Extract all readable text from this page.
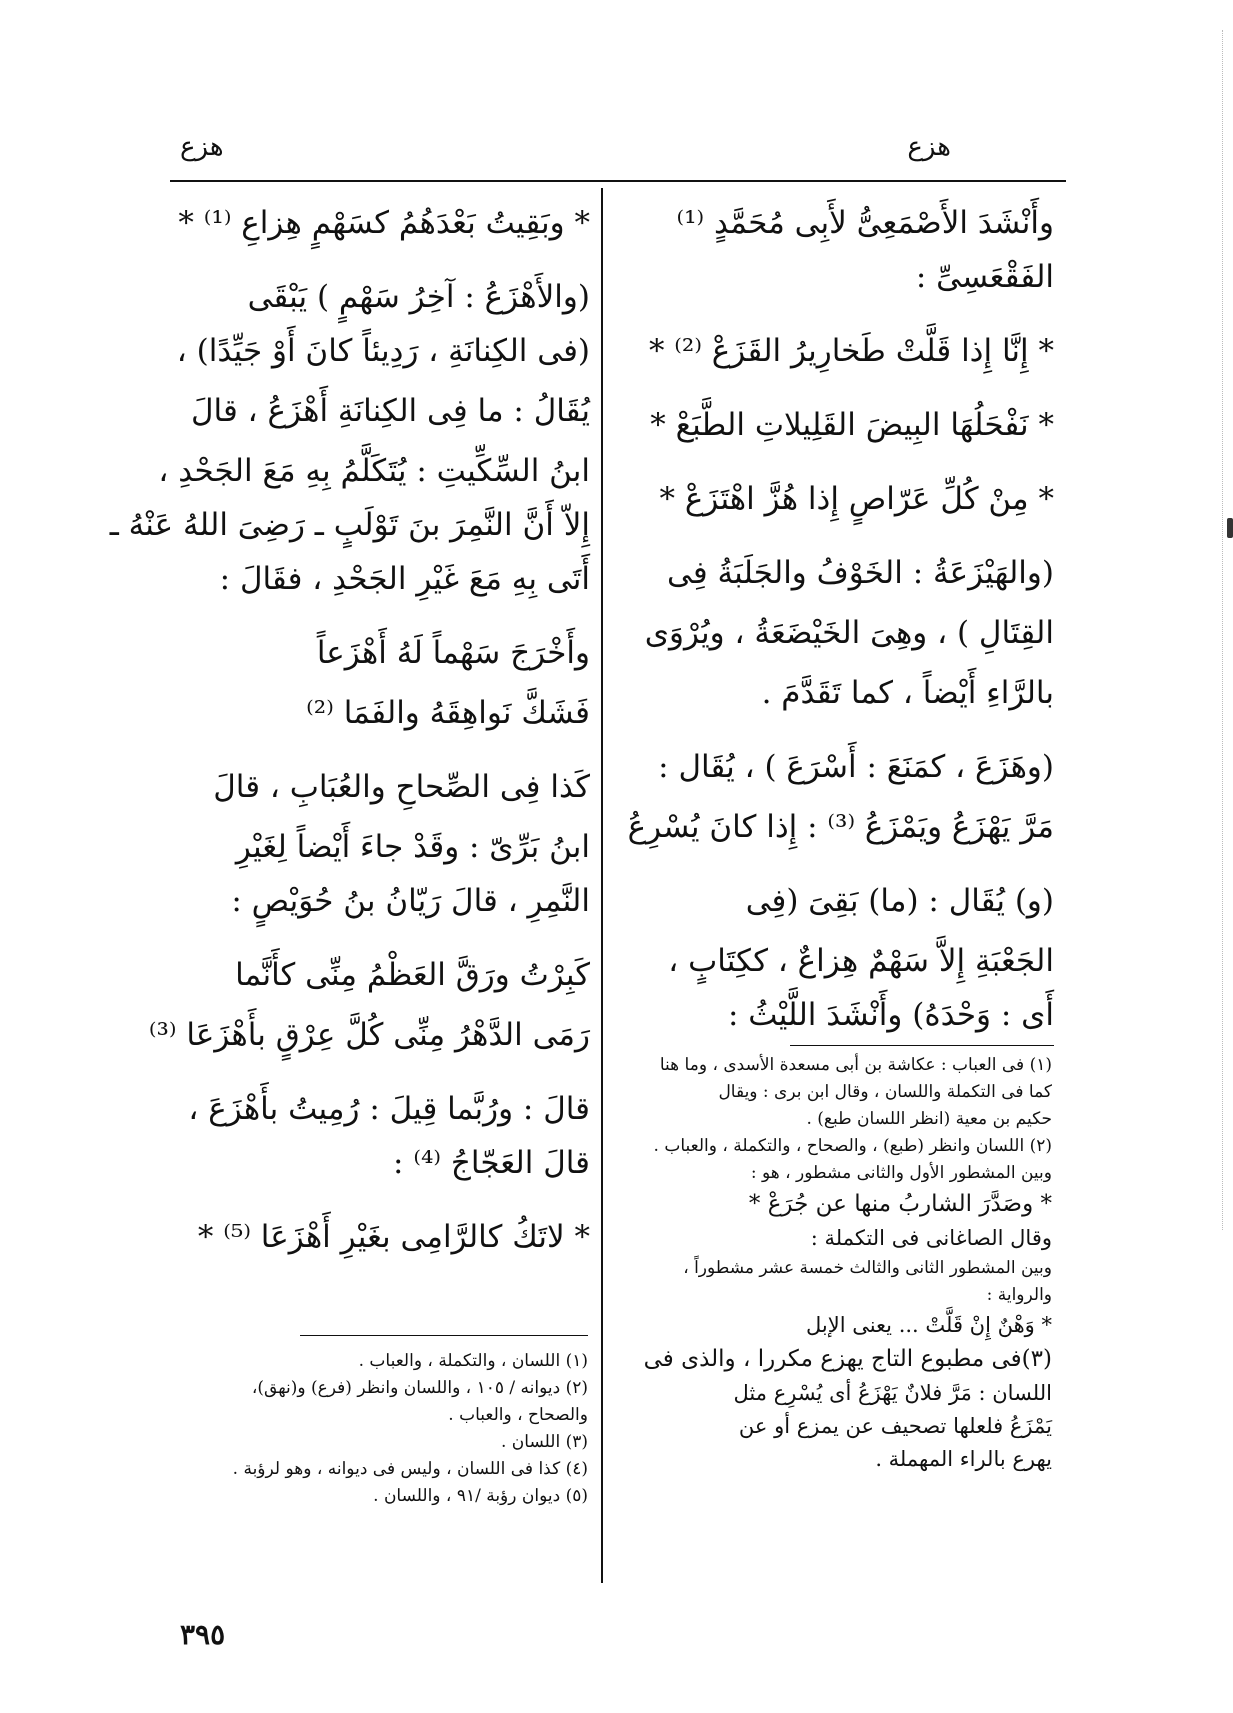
هزع
هزع
وأَنْشَدَ الأَصْمَعِىُّ لأَبِى مُحَمَّدٍ ⁽¹⁾
الفَقْعَسِىِّ :
* إِنَّا إِذا قَلَّتْ طَخارِيرُ القَزَعْ ⁽²⁾ *
* نَفْحَلُهَا البِيضَ القَلِيلاتِ الطَّبَعْ *
* مِنْ كُلِّ عَرّاصٍ إِذا هُزَّ اهْتَزَعْ *
(والهَيْزَعَةُ : الخَوْفُ والجَلَبَةُ فِى
القِتَالِ ) ، وهِىَ الخَيْضَعَةُ ، ويُرْوَى
بالرَّاءِ أَيْضاً ، كما تَقَدَّمَ .
(وهَزَعَ ، كمَنَعَ : أَسْرَعَ ) ، يُقَال :
مَرَّ يَهْزَعُ ويَمْزَعُ ⁽³⁾ : إِذا كانَ يُسْرِعُ
(و) يُقَال : (ما) بَقِىَ (فِى
الجَعْبَةِ إِلاَّ سَهْمٌ هِزاعٌ ، ككِتَابٍ ،
أَى : وَحْدَهُ) وأَنْشَدَ اللَّيْثُ :
* وبَقِيتُ بَعْدَهُمُ كسَهْمٍ هِزاعِ ⁽¹⁾ *
(والأَهْزَعُ : آخِرُ سَهْمٍ ) يَبْقَى
(فى الكِنانَةِ ، رَدِيئاً كانَ أَوْ جَيِّدًا) ،
يُقَالُ : ما فِى الكِنانَةِ أَهْزَعُ ، قالَ
ابنُ السِّكِّيتِ : يُتَكَلَّمُ بِهِ مَعَ الجَحْدِ ،
إِلاّ أَنَّ النَّمِرَ بنَ تَوْلَبٍ ـ رَضِىَ اللهُ عَنْهُ ـ
أَتَى بِهِ مَعَ غَيْرِ الجَحْدِ ، فقَالَ :
وأَخْرَجَ سَهْماً لَهُ أَهْزَعاً
فَشَكَّ نَواهِقَهُ والفَمَا ⁽²⁾
كَذا فِى الصِّحاحِ والعُبَابِ ، قالَ
ابنُ بَرِّىّ : وقَدْ جاءَ أَيْضاً لِغَيْرِ
النَّمِرِ ، قالَ رَيّانُ بنُ حُوَيْصٍ :
كَبِرْتُ ورَقَّ العَظْمُ مِنِّى كأَنَّما
رَمَى الدَّهْرُ مِنِّى كُلَّ عِرْقٍ بأَهْزَعَا ⁽³⁾
قالَ : ورُبَّما قِيلَ : رُمِيتُ بأَهْزَعَ ،
قالَ العَجّاجُ ⁽⁴⁾ :
* لاتَكُ كالرَّامِى بغَيْرِ أَهْزَعَا ⁽⁵⁾ *
(١) فى العباب : عكاشة بن أبى مسعدة الأسدى ، وما هنا
كما فى التكملة واللسان ، وقال ابن برى : ويقال
حكيم بن معية (انظر اللسان طبع) .
(٢) اللسان وانظر (طبع) ، والصحاح ، والتكملة ، والعباب .
وبين المشطور الأول والثانى مشطور ، هو :
* وصَدَّرَ الشاربُ منها عن جُرَعْ *
وقال الصاغانى فى التكملة :
وبين المشطور الثانى والثالث خمسة عشر مشطوراً ،
والرواية :
* وَهْنٌ إِنْ قَلَّتْ ... يعنى الإبل
(٣)فى مطبوع التاج يهزع مكررا ، والذى فى
اللسان : مَرَّ فلانٌ يَهْزَعُ أى يُسْرِع مثل
يَمْزَعُ فلعلها تصحيف عن يمزع أو عن
يهرع بالراء المهملة .
(١) اللسان ، والتكملة ، والعباب .
(٢) ديوانه / ١٠٥ ، واللسان وانظر (فرع) و(نهق)،
والصحاح ، والعباب .
(٣) اللسان .
(٤) كذا فى اللسان ، وليس فى ديوانه ، وهو لرؤبة .
(٥) ديوان رؤبة /٩١ ، واللسان .
٣٩٥
